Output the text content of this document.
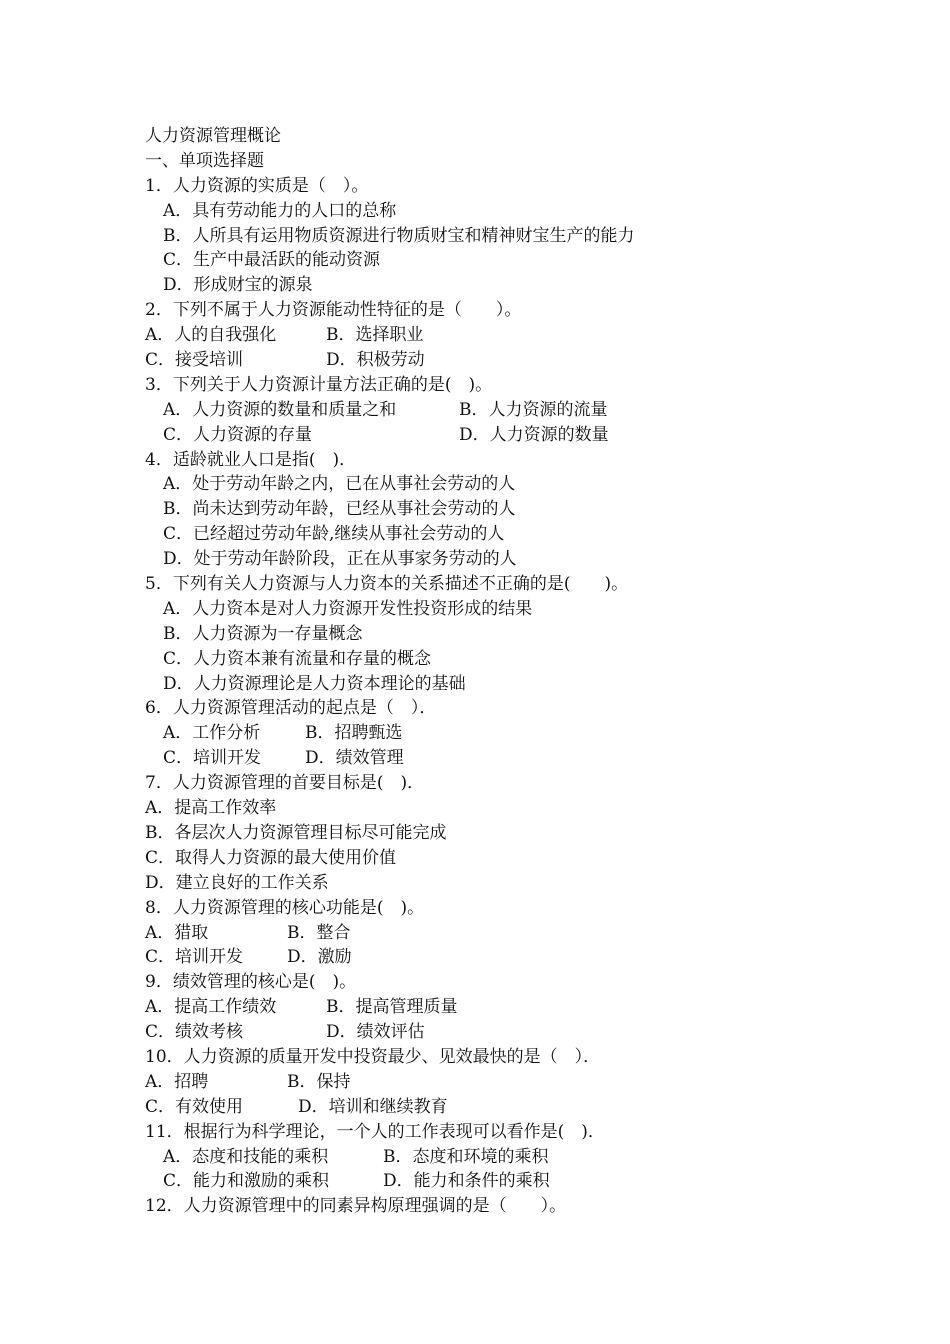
人力资源管理概论
一、单项选择题
1．人力资源的实质是（　）。
A．具有劳动能力的人口的总称
B．人所具有运用物质资源进行物质财宝和精神财宝生产的能力
C．生产中最活跃的能动资源
D．形成财宝的源泉
2．下列不属于人力资源能动性特征的是（　　）。
A．人的自我强化	B．选择职业
C．接受培训	D．积极劳动
3．下列关于人力资源计量方法正确的是(　)。
A．人力资源的数量和质量之和	B．人力资源的流量
C．人力资源的存量	D．人力资源的数量
4．适龄就业人口是指(　)．
A．处于劳动年龄之内，已在从事社会劳动的人
B．尚未达到劳动年龄，已经从事社会劳动的人
C．已经超过劳动年龄,继续从事社会劳动的人
D．处于劳动年龄阶段，正在从事家务劳动的人
5．下列有关人力资源与人力资本的关系描述不正确的是(　　)。
A．人力资本是对人力资源开发性投资形成的结果
B．人力资源为一存量概念
C．人力资本兼有流量和存量的概念
D．人力资源理论是人力资本理论的基础
6．人力资源管理活动的起点是（　）．
A．工作分析	B．招聘甄选
C．培训开发	D．绩效管理
7．人力资源管理的首要目标是(　)．
A．提高工作效率
B．各层次人力资源管理目标尽可能完成
C．取得人力资源的最大使用价值
D．建立良好的工作关系
8．人力资源管理的核心功能是(　)。
A．猎取	B．整合
C．培训开发	D．激励
9．绩效管理的核心是(　)。
A．提高工作绩效	B．提高管理质量
C．绩效考核	D．绩效评估
10．人力资源的质量开发中投资最少、见效最快的是（　）．
A．招聘	B．保持
C．有效使用	D．培训和继续教育
11．根据行为科学理论，一个人的工作表现可以看作是(　)．
A．态度和技能的乘积	B．态度和环境的乘积
C．能力和激励的乘积	D．能力和条件的乘积
12．人力资源管理中的同素异构原理强调的是（　　）。
